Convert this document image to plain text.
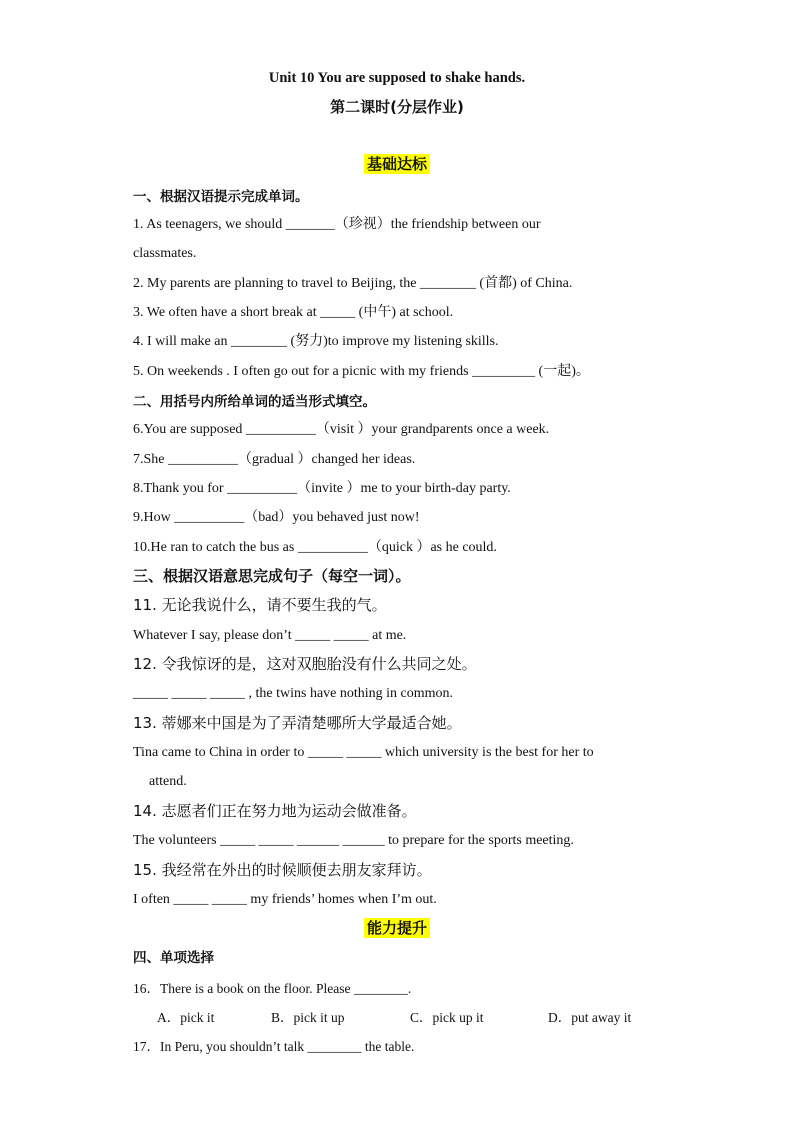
Unit 10 You are supposed to shake hands.
第二课时(分层作业)
基础达标
一、根据汉语提示完成单词。
1. As teenagers, we should _______（珍视）the friendship between our
classmates.
2. My parents are planning to travel to Beijing, the ________ (首都) of China.
3. We often have a short break at _____ (中午) at school.
4. I will make an ________ (努力)to improve my listening skills.
5. On weekends . I often go out for a picnic with my friends _________ (一起)。
二、用括号内所给单词的适当形式填空。
6.You are supposed __________（visit ）your grandparents once a week.
7.She __________（gradual ）changed her ideas.
8.Thank you for __________（invite ）me to your birth-day party.
9.How __________（bad）you behaved just now!
10.He ran to catch the bus as __________（quick ）as he could.
三、根据汉语意思完成句子（每空一词）。
11. 无论我说什么，请不要生我的气。
Whatever I say, please don’t _____ _____ at me.
12. 令我惊讶的是，这对双胞胎没有什么共同之处。
_____ _____ _____ , the twins have nothing in common.
13. 蒂娜来中国是为了弄清楚哪所大学最适合她。
Tina came to China in order to _____ _____ which university is the best for her to
attend.
14. 志愿者们正在努力地为运动会做准备。
The volunteers _____ _____ ______ ______ to prepare for the sports meeting.
15. 我经常在外出的时候顺便去朋友家拜访。
I often _____ _____ my friends’ homes when I’m out.
能力提升
四、单项选择
16．There is a book on the floor. Please ________.
A．pick it	B．pick it up	C．pick up it	D．put away it
17．In Peru, you shouldn’t talk ________ the table.
